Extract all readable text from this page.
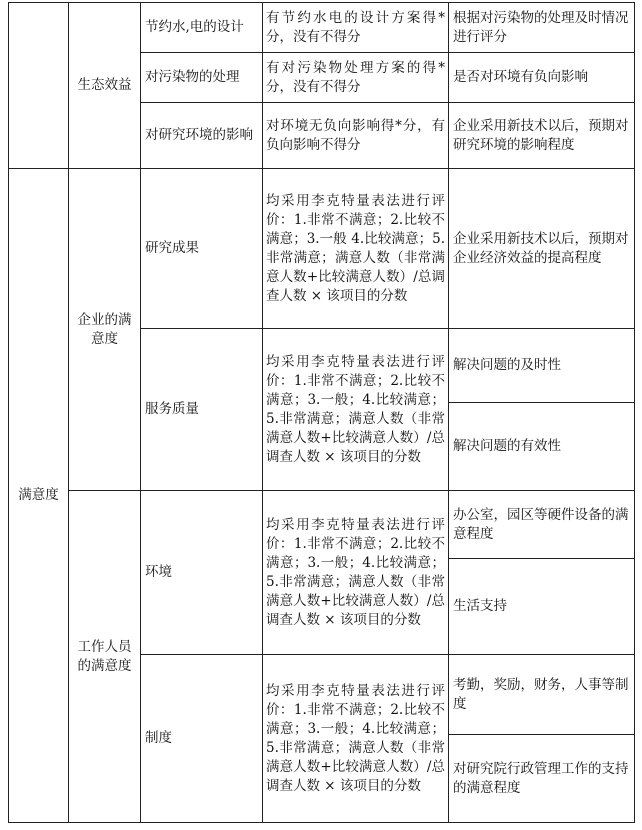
	生态效益	节约水,电的设计	有节约水电的设计方案得*分，没有不得分	根据对污染物的处理及时情况进行评分
		对污染物的处理	有对污染物处理方案的得*分，没有不得分	是否对环境有负向影响
		对研究环境的影响	对环境无负向影响得*分，有负向影响不得分	企业采用新技术以后，预期对研究环境的影响程度
满意度	企业的满意度	研究成果	均采用李克特量表法进行评价：1.非常不满意；2.比较不满意；3.一般 4.比较满意；5.非常满意；满意人数（非常满意人数+比较满意人数）/总调查人数 × 该项目的分数	企业采用新技术以后，预期对企业经济效益的提高程度
		服务质量	均采用李克特量表法进行评价：1.非常不满意；2.比较不满意；3.一般；4.比较满意；5.非常满意；满意人数（非常满意人数+比较满意人数）/总调查人数 × 该项目的分数	解决问题的及时性
				解决问题的有效性
	工作人员的满意度	环境	均采用李克特量表法进行评价：1.非常不满意；2.比较不满意；3.一般；4.比较满意；5.非常满意；满意人数（非常满意人数+比较满意人数）/总调查人数 × 该项目的分数	办公室，园区等硬件设备的满意程度
				生活支持
		制度	均采用李克特量表法进行评价：1.非常不满意；2.比较不满意；3.一般；4.比较满意；5.非常满意；满意人数（非常满意人数+比较满意人数）/总调查人数 × 该项目的分数	考勤，奖励，财务，人事等制度
				对研究院行政管理工作的支持的满意程度
